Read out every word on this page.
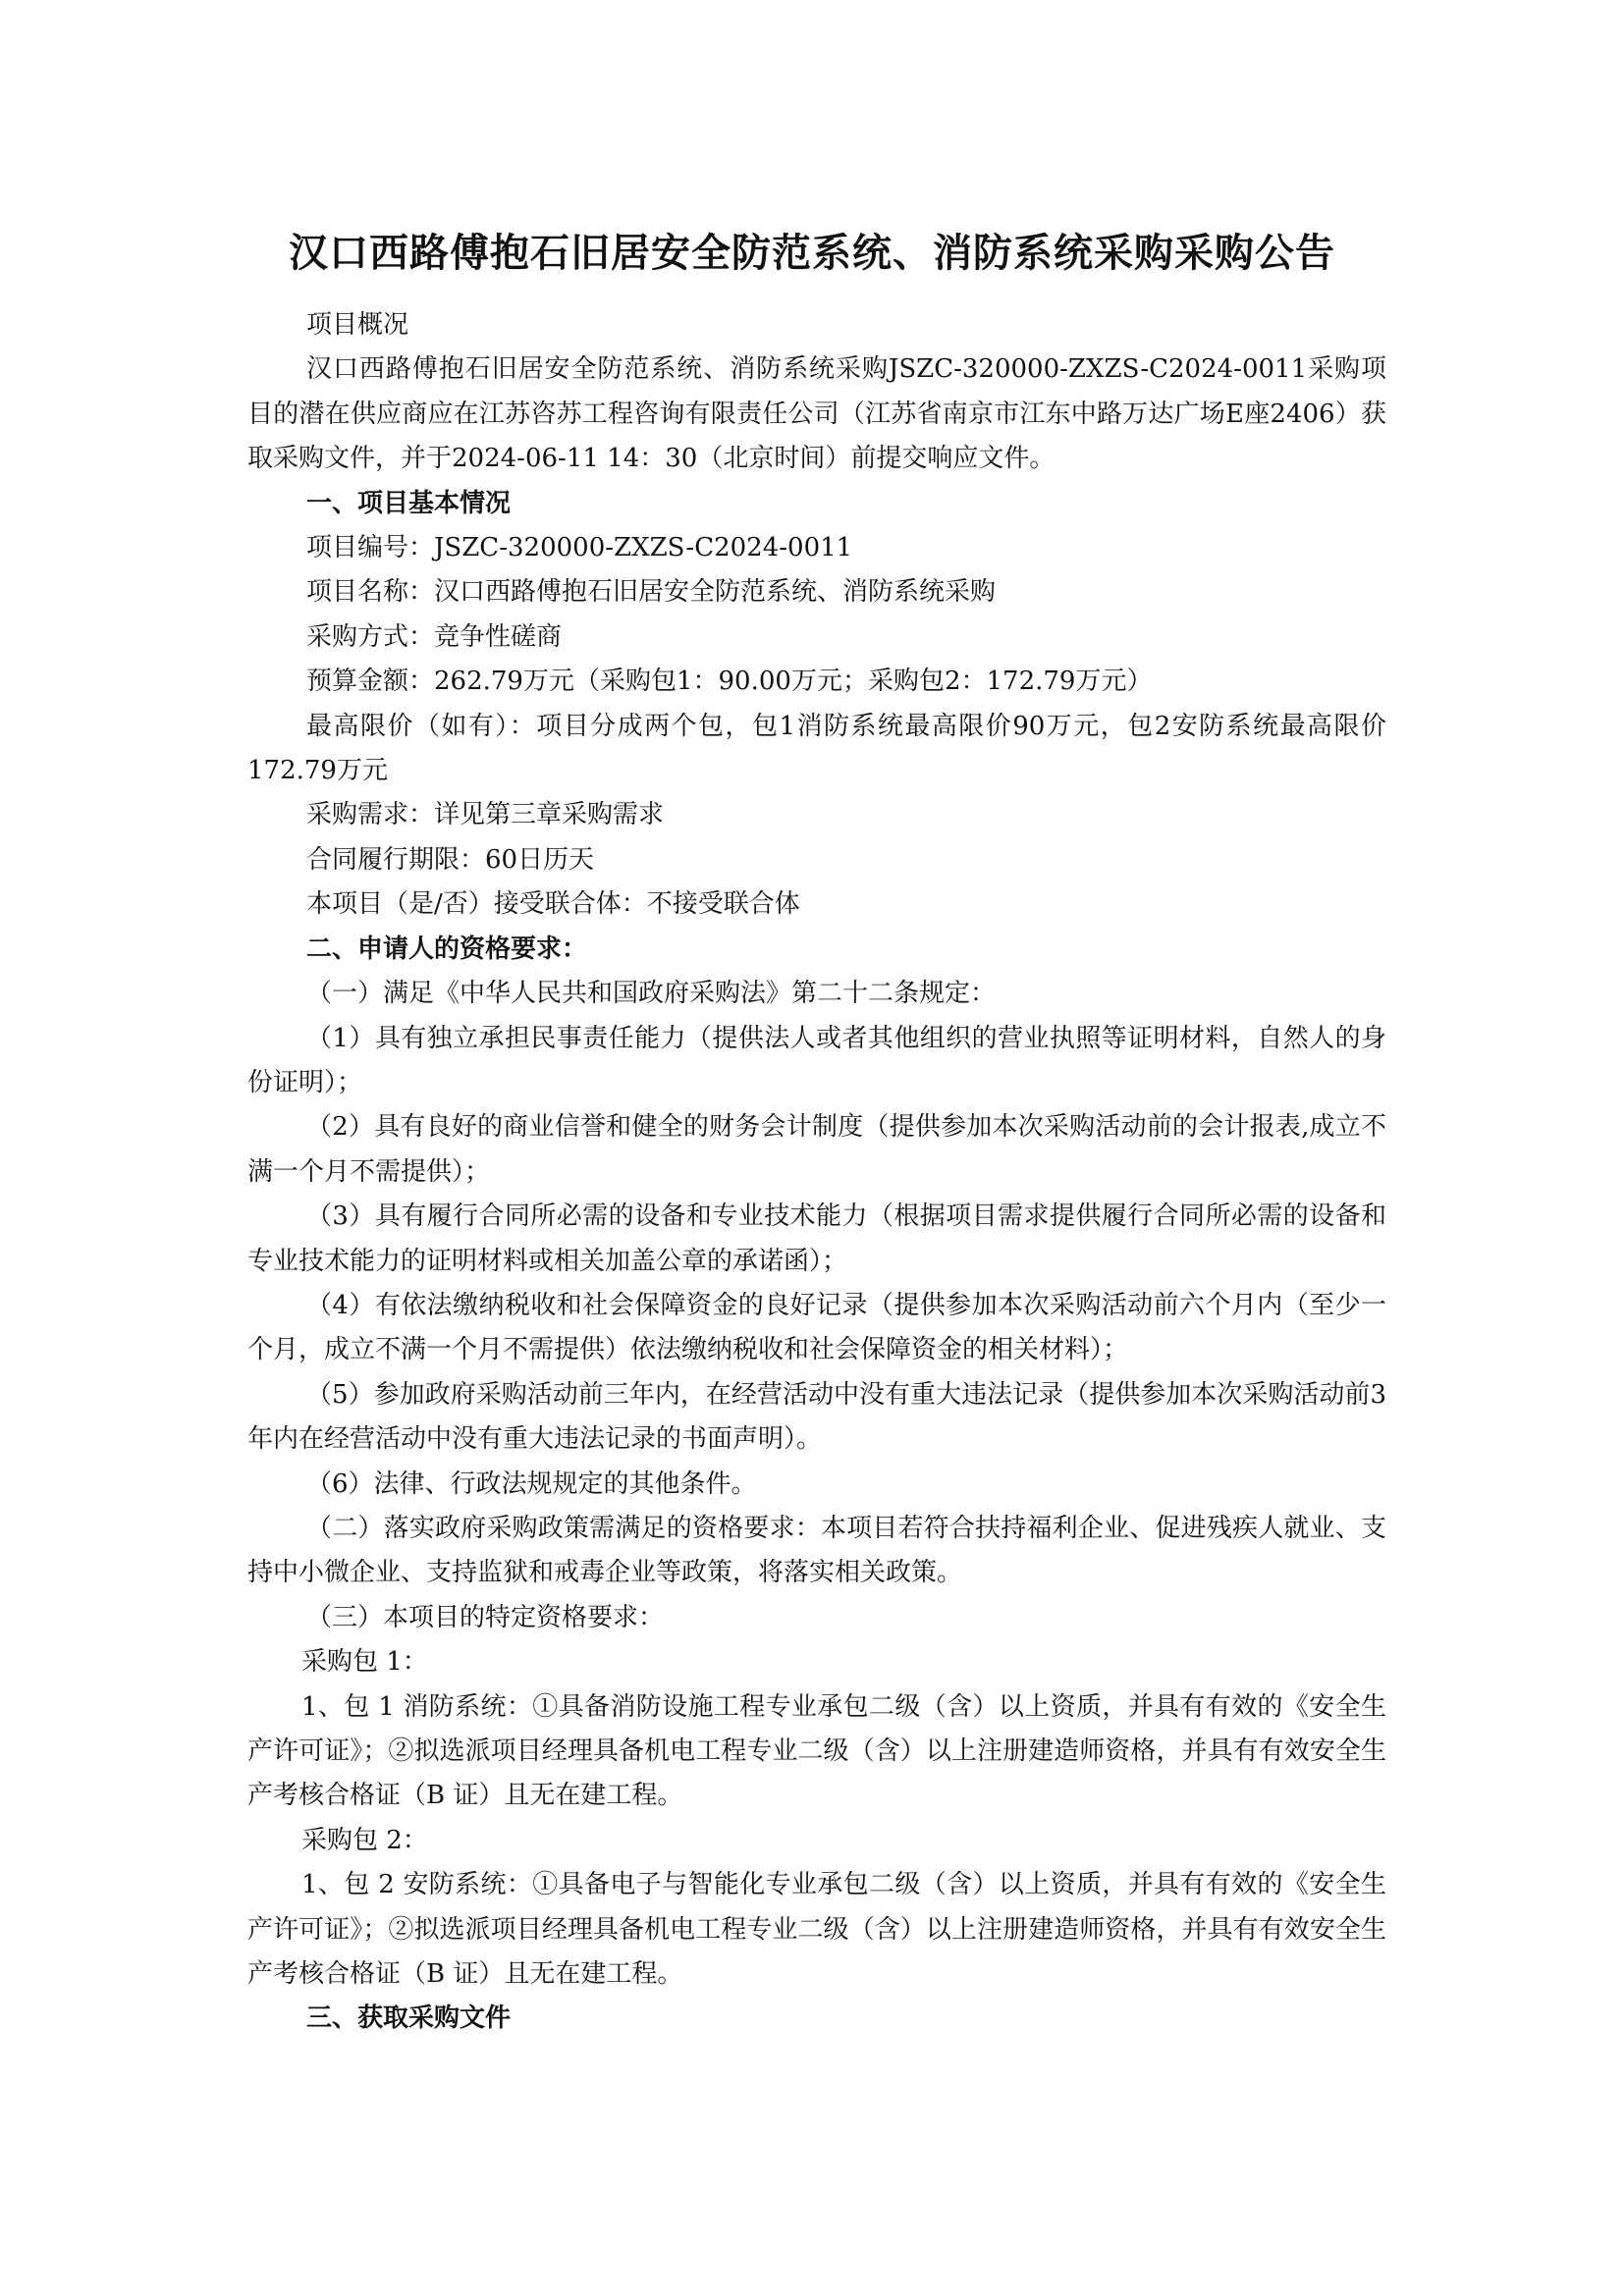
汉口西路傅抱石旧居安全防范系统、消防系统采购采购公告

项目概况

汉口西路傅抱石旧居安全防范系统、消防系统采购JSZC-320000-ZXZS-C2024-0011采购项目的潜在供应商应在江苏咨苏工程咨询有限责任公司（江苏省南京市江东中路万达广场E座2406）获取采购文件，并于2024-06-11 14：30（北京时间）前提交响应文件。

一、项目基本情况

项目编号：JSZC-320000-ZXZS-C2024-0011

项目名称：汉口西路傅抱石旧居安全防范系统、消防系统采购

采购方式：竞争性磋商

预算金额：262.79万元（采购包1：90.00万元；采购包2：172.79万元）

最高限价（如有）：项目分成两个包，包1消防系统最高限价90万元，包2安防系统最高限价172.79万元

采购需求：详见第三章采购需求

合同履行期限：60日历天

本项目（是/否）接受联合体：不接受联合体

二、申请人的资格要求：

（一）满足《中华人民共和国政府采购法》第二十二条规定：

（1）具有独立承担民事责任能力（提供法人或者其他组织的营业执照等证明材料，自然人的身份证明）；

（2）具有良好的商业信誉和健全的财务会计制度（提供参加本次采购活动前的会计报表,成立不满一个月不需提供）；

（3）具有履行合同所必需的设备和专业技术能力（根据项目需求提供履行合同所必需的设备和专业技术能力的证明材料或相关加盖公章的承诺函）；

（4）有依法缴纳税收和社会保障资金的良好记录（提供参加本次采购活动前六个月内（至少一个月，成立不满一个月不需提供）依法缴纳税收和社会保障资金的相关材料）；

（5）参加政府采购活动前三年内，在经营活动中没有重大违法记录（提供参加本次采购活动前3年内在经营活动中没有重大违法记录的书面声明）。

（6）法律、行政法规规定的其他条件。

（二）落实政府采购政策需满足的资格要求：本项目若符合扶持福利企业、促进残疾人就业、支持中小微企业、支持监狱和戒毒企业等政策，将落实相关政策。

（三）本项目的特定资格要求：

采购包 1：

1、包 1 消防系统：①具备消防设施工程专业承包二级（含）以上资质，并具有有效的《安全生产许可证》；②拟选派项目经理具备机电工程专业二级（含）以上注册建造师资格，并具有有效安全生产考核合格证（B 证）且无在建工程。

采购包 2：

1、包 2 安防系统：①具备电子与智能化专业承包二级（含）以上资质，并具有有效的《安全生产许可证》；②拟选派项目经理具备机电工程专业二级（含）以上注册建造师资格，并具有有效安全生产考核合格证（B 证）且无在建工程。

三、获取采购文件
